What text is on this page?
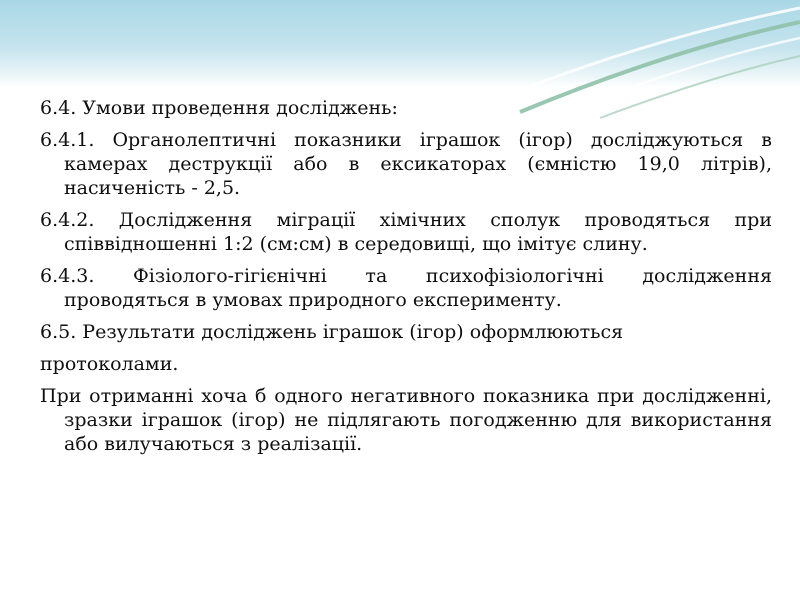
6.4. Умови проведення досліджень:

6.4.1. Органолептичні показники іграшок (ігор) досліджуються в камерах деструкції або в ексикаторах (ємністю 19,0 літрів), насиченість - 2,5.

6.4.2. Дослідження міграції хімічних сполук проводяться при співвідношенні 1:2 (см:см) в середовищі, що імітує слину.

6.4.3. Фізіолого-гігієнічні та психофізіологічні дослідження проводяться в умовах природного експерименту.

6.5. Результати досліджень іграшок (ігор) оформлюються

протоколами.

При отриманні хоча б одного негативного показника при дослідженні, зразки іграшок (ігор) не підлягають погодженню для використання або вилучаються з реалізації.
